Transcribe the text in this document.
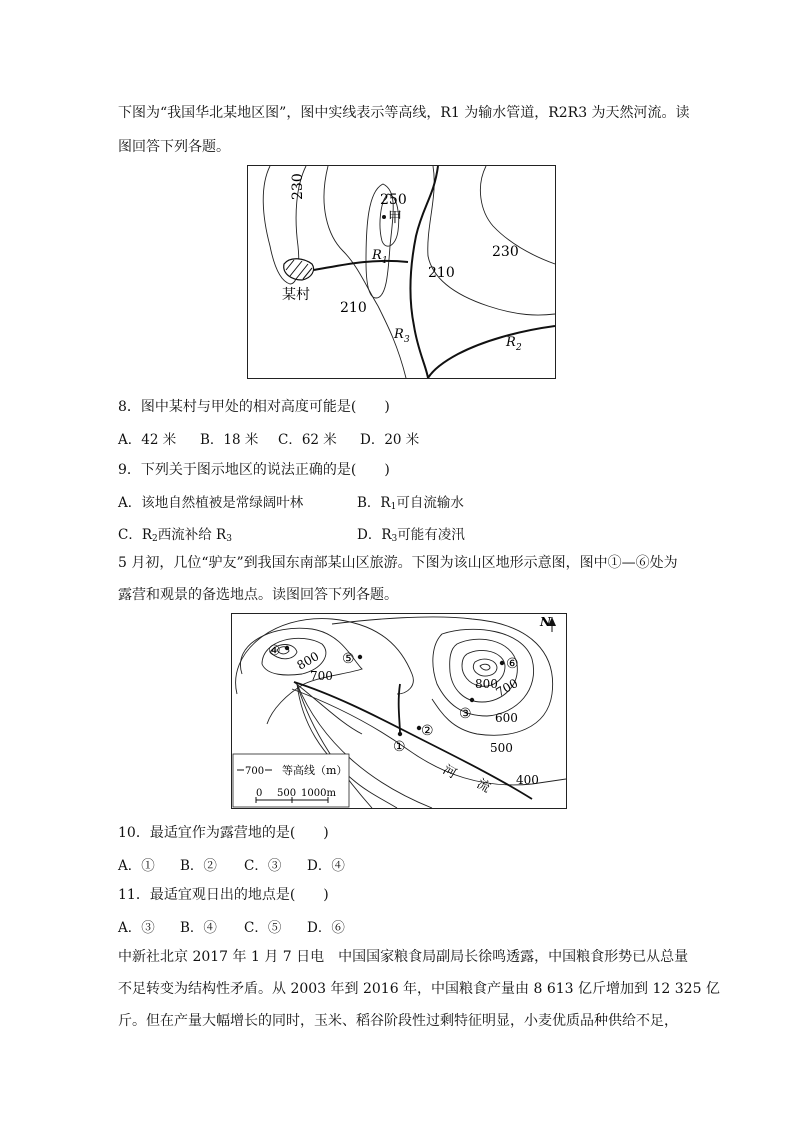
下图为“我国华北某地区图”，图中实线表示等高线，R1 为输水管道，R2R3 为天然河流。读
图回答下列各题。
230	250
甲
R 1
230
210
某村
210
R 3	R 2
8．图中某村与甲处的相对高度可能是(　　)
A．42 米 B．18 米 C．62 米 D．20 米
9．下列关于图示地区的说法正确的是(　　)
A．该地自然植被是常绿阔叶林	B．$R_1$可自流输水
C．$R_2$西流补给 $R_3$	D．$R_3$可能有凌汛
5 月初，几位“驴友”到我国东南部某山区旅游。下图为该山区地形示意图，图中①—⑥处为
露营和观景的备选地点。读图回答下列各题。
N
④ 800 ⑤
700
⑥
800
700
③ 600
②
①	500
河
流 400
700 等高线（m）
0 500 1000m
10．最适宜作为露营地的是(　　)
A．① B．② C．③ D．④
11．最适宜观日出的地点是(　　)
A．③ B．④ C．⑤ D．⑥
中新社北京 2017 年 1 月 7 日电　中国国家粮食局副局长徐鸣透露，中国粮食形势已从总量
不足转变为结构性矛盾。从 2003 年到 2016 年，中国粮食产量由 8 613 亿斤增加到 12 325 亿
斤。但在产量大幅增长的同时，玉米、稻谷阶段性过剩特征明显，小麦优质品种供给不足，
